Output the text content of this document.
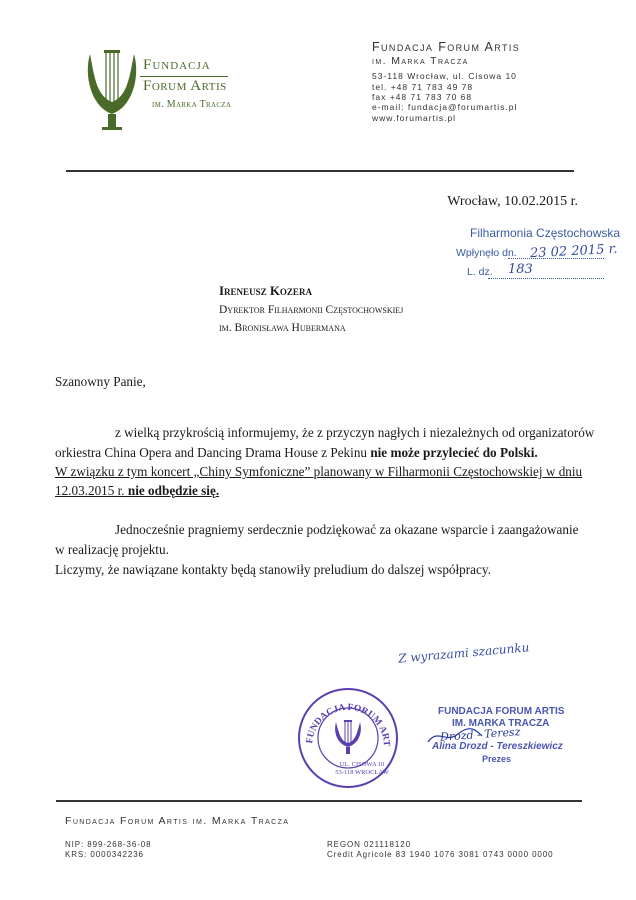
Fundacja
Forum Artis
im. Marka Tracza
Fundacja Forum Artis
im. Marka Tracza
53-118 Wrocław, ul. Cisowa 10
tel. +48 71 783 49 78
fax +48 71 783 70 68
e-mail: fundacja@forumartis.pl
www.forumartis.pl
Wrocław, 10.02.2015 r.
Filharmonia Częstochowska
Wpłynęło dn. 23 02 2015 r.
L. dz. 183
Ireneusz Kozera
Dyrektor Filharmonii Częstochowskiej
im. Bronisława Hubermana
Szanowny Panie,
z wielką przykrością informujemy, że z przyczyn nagłych i niezależnych od organizatorów
orkiestra China Opera and Dancing Drama House z Pekinu nie może przylecieć do Polski.
W związku z tym koncert „Chiny Symfoniczne” planowany w Filharmonii Częstochowskiej w dniu
12.03.2015 r. nie odbędzie się.
Jednocześnie pragniemy serdecznie podziękować za okazane wsparcie i zaangażowanie
w realizację projektu.
Liczymy, że nawiązane kontakty będą stanowiły preludium do dalszej współpracy.
Z wyrazami szacunku
FUNDACJA FORUM ART
UL. CISOWA 10
53-118 WROCŁAW
FUNDACJA FORUM ARTIS
IM. MARKA TRACZA
Drozd - Teresz
Alina Drozd - Tereszkiewicz
Prezes
Fundacja Forum Artis im. Marka Tracza
NIP: 899-268-36-08
KRS: 0000342236
REGON 021118120
Credit Agricole 83 1940 1076 3081 0743 0000 0000
